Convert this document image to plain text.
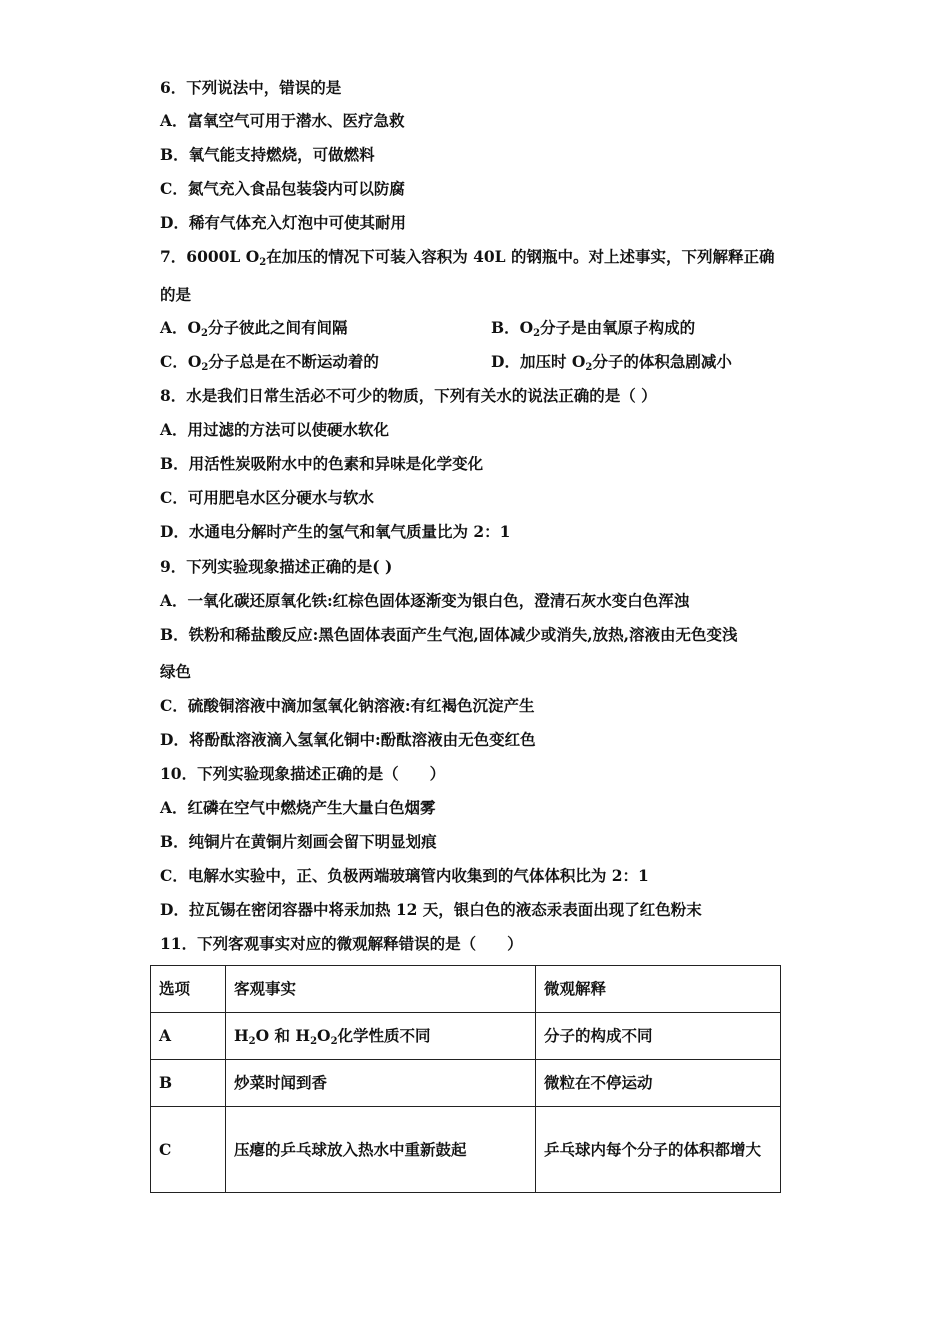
6．下列说法中，错误的是
A．富氧空气可用于潜水、医疗急救
B．氧气能支持燃烧，可做燃料
C．氮气充入食品包装袋内可以防腐
D．稀有气体充入灯泡中可使其耐用
7．6000L $O_2$在加压的情况下可装入容积为 40L 的钢瓶中。对上述事实，下列解释正确
的是
A．$O_2$分子彼此之间有间隔	B．$O_2$分子是由氧原子构成的
C．$O_2$分子总是在不断运动着的	D．加压时 $O_2$分子的体积急剧减小
8．水是我们日常生活必不可少的物质，下列有关水的说法正确的是（ ）
A．用过滤的方法可以使硬水软化
B．用活性炭吸附水中的色素和异味是化学变化
C．可用肥皂水区分硬水与软水
D．水通电分解时产生的氢气和氧气质量比为 2：1
9．下列实验现象描述正确的是( )
A．一氧化碳还原氧化铁:红棕色固体逐渐变为银白色，澄清石灰水变白色浑浊
B．铁粉和稀盐酸反应:黑色固体表面产生气泡,固体减少或消失,放热,溶液由无色变浅
绿色
C．硫酸铜溶液中滴加氢氧化钠溶液:有红褐色沉淀产生
D．将酚酞溶液滴入氢氧化铜中:酚酞溶液由无色变红色
10．下列实验现象描述正确的是（　　）
A．红磷在空气中燃烧产生大量白色烟雾
B．纯铜片在黄铜片刻画会留下明显划痕
C．电解水实验中，正、负极两端玻璃管内收集到的气体体积比为 2：1
D．拉瓦锡在密闭容器中将汞加热 12 天，银白色的液态汞表面出现了红色粉末
11．下列客观事实对应的微观解释错误的是（　　）
选项	客观事实	微观解释
A	$H_2O$ 和 $H_2O_2$化学性质不同	分子的构成不同
B	炒菜时闻到香	微粒在不停运动
C	压瘪的乒乓球放入热水中重新鼓起	乒乓球内每个分子的体积都增大
